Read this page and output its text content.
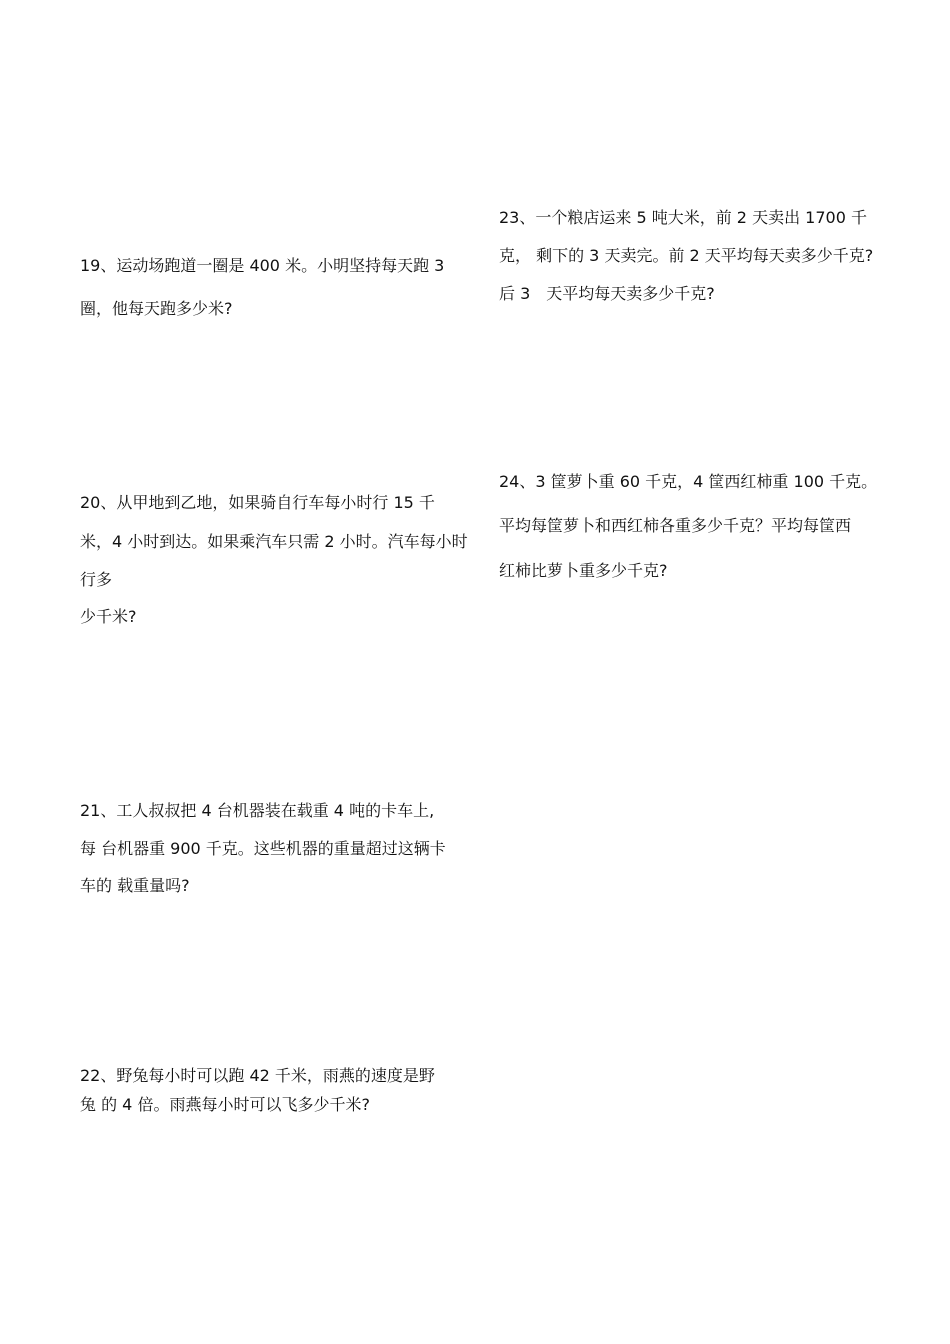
19、运动场跑道一圈是 400 米。小明坚持每天跑 3
圈，他每天跑多少米?
20、从甲地到乙地，如果骑自行车每小时行 15 千
米，4 小时到达。如果乘汽车只需 2 小时。汽车每小时
行多
少千米?
21、工人叔叔把 4 台机器装在载重 4 吨的卡车上,
每 台机器重 900 千克。这些机器的重量超过这辆卡
车的 载重量吗?
22、野兔每小时可以跑 42 千米，雨燕的速度是野
兔 的 4 倍。雨燕每小时可以飞多少千米?
23、一个粮店运来 5 吨大米，前 2 天卖出 1700 千
克， 剩下的 3 天卖完。前 2 天平均每天卖多少千克?
后 3　天平均每天卖多少千克?
24、3 筐萝卜重 60 千克，4 筐西红柿重 100 千克。
平均每筐萝卜和西红柿各重多少千克？平均每筐西
红柿比萝卜重多少千克?
